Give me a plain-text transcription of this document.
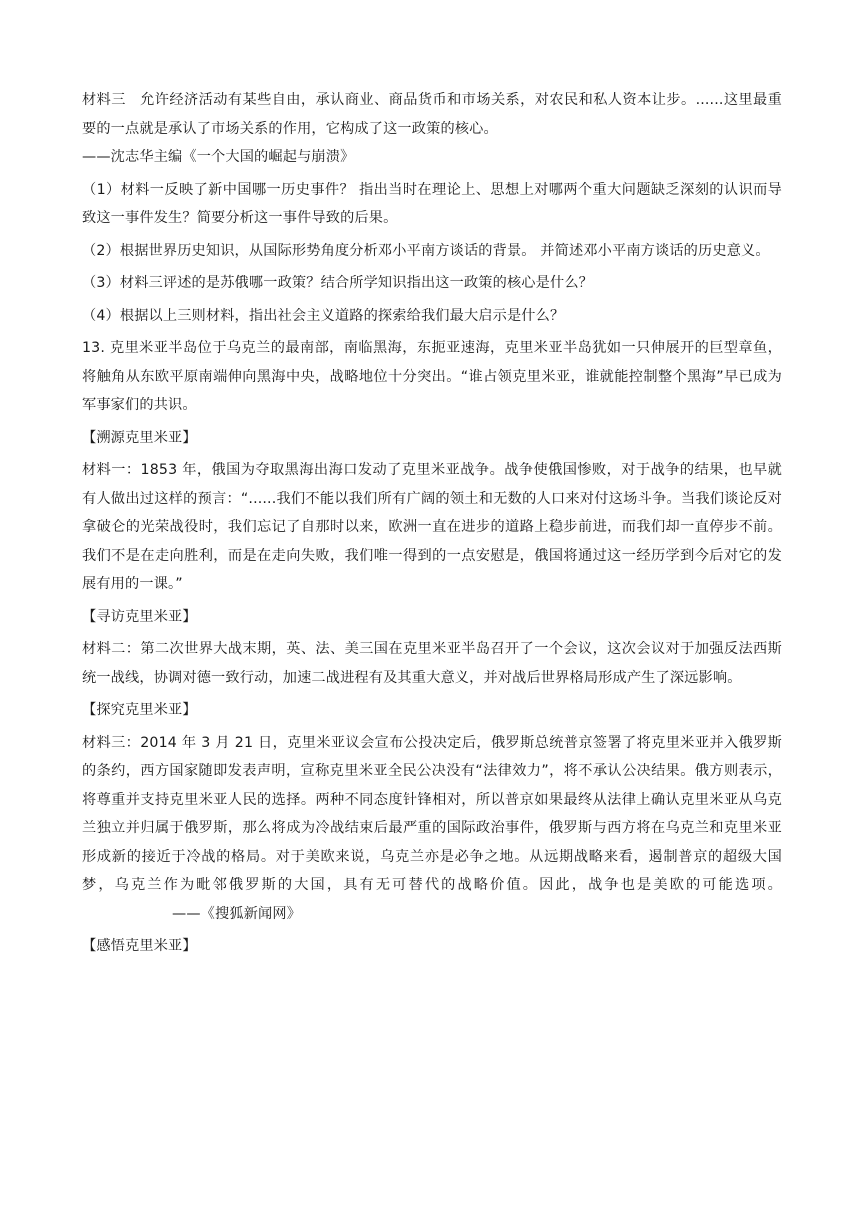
材料三 允许经济活动有某些自由，承认商业、商品货币和市场关系，对农民和私人资本让步。......这里最重要的一点就是承认了市场关系的作用，它构成了这一政策的核心。

——沈志华主编《一个大国的崛起与崩溃》

（1）材料一反映了新中国哪一历史事件？ 指出当时在理论上、思想上对哪两个重大问题缺乏深刻的认识而导致这一事件发生？简要分析这一事件导致的后果。

（2）根据世界历史知识，从国际形势角度分析邓小平南方谈话的背景。 并简述邓小平南方谈话的历史意义。

（3）材料三评述的是苏俄哪一政策？结合所学知识指出这一政策的核心是什么？

（4）根据以上三则材料，指出社会主义道路的探索给我们最大启示是什么？

13. 克里米亚半岛位于乌克兰的最南部，南临黑海，东扼亚速海，克里米亚半岛犹如一只伸展开的巨型章鱼，将触角从东欧平原南端伸向黑海中央，战略地位十分突出。“谁占领克里米亚，谁就能控制整个黑海”早已成为军事家们的共识。

【溯源克里米亚】

材料一：1853 年，俄国为夺取黑海出海口发动了克里米亚战争。战争使俄国惨败，对于战争的结果，也早就有人做出过这样的预言：“......我们不能以我们所有广阔的领土和无数的人口来对付这场斗争。当我们谈论反对拿破仑的光荣战役时，我们忘记了自那时以来，欧洲一直在进步的道路上稳步前进，而我们却一直停步不前。我们不是在走向胜利，而是在走向失败，我们唯一得到的一点安慰是，俄国将通过这一经历学到今后对它的发展有用的一课。”

【寻访克里米亚】

材料二：第二次世界大战末期，英、法、美三国在克里米亚半岛召开了一个会议，这次会议对于加强反法西斯统一战线，协调对德一致行动，加速二战进程有及其重大意义，并对战后世界格局形成产生了深远影响。

【探究克里米亚】

材料三：2014 年 3 月 21 日，克里米亚议会宣布公投决定后，俄罗斯总统普京签署了将克里米亚并入俄罗斯的条约，西方国家随即发表声明，宣称克里米亚全民公决没有“法律效力”，将不承认公决结果。俄方则表示，将尊重并支持克里米亚人民的选择。两种不同态度针锋相对，所以普京如果最终从法律上确认克里米亚从乌克兰独立并归属于俄罗斯，那么将成为冷战结束后最严重的国际政治事件，俄罗斯与西方将在乌克兰和克里米亚形成新的接近于冷战的格局。对于美欧来说，乌克兰亦是必争之地。从远期战略来看，遏制普京的超级大国梦，乌克兰作为毗邻俄罗斯的大国，具有无可替代的战略价值。因此，战争也是美欧的可能选项。——《搜狐新闻网》

【感悟克里米亚】
